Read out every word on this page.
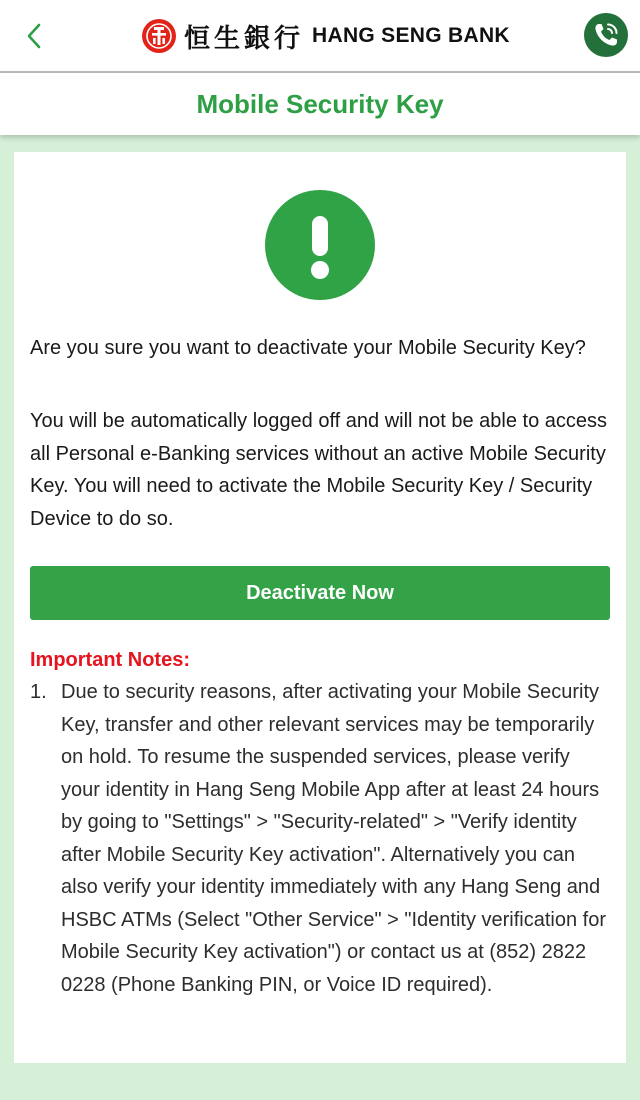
恒生銀行 HANG SENG BANK
Mobile Security Key

Are you sure you want to deactivate your Mobile Security Key?

You will be automatically logged off and will not be able to access all Personal e-Banking services without an active Mobile Security Key. You will need to activate the Mobile Security Key / Security Device to do so.

Deactivate Now

Important Notes:

1. Due to security reasons, after activating your Mobile Security Key, transfer and other relevant services may be temporarily on hold. To resume the suspended services, please verify your identity in Hang Seng Mobile App after at least 24 hours by going to "Settings" > "Security-related" > "Verify identity after Mobile Security Key activation". Alternatively you can also verify your identity immediately with any Hang Seng and HSBC ATMs (Select "Other Service" > "Identity verification for Mobile Security Key activation") or contact us at (852) 2822 0228 (Phone Banking PIN, or Voice ID required).
